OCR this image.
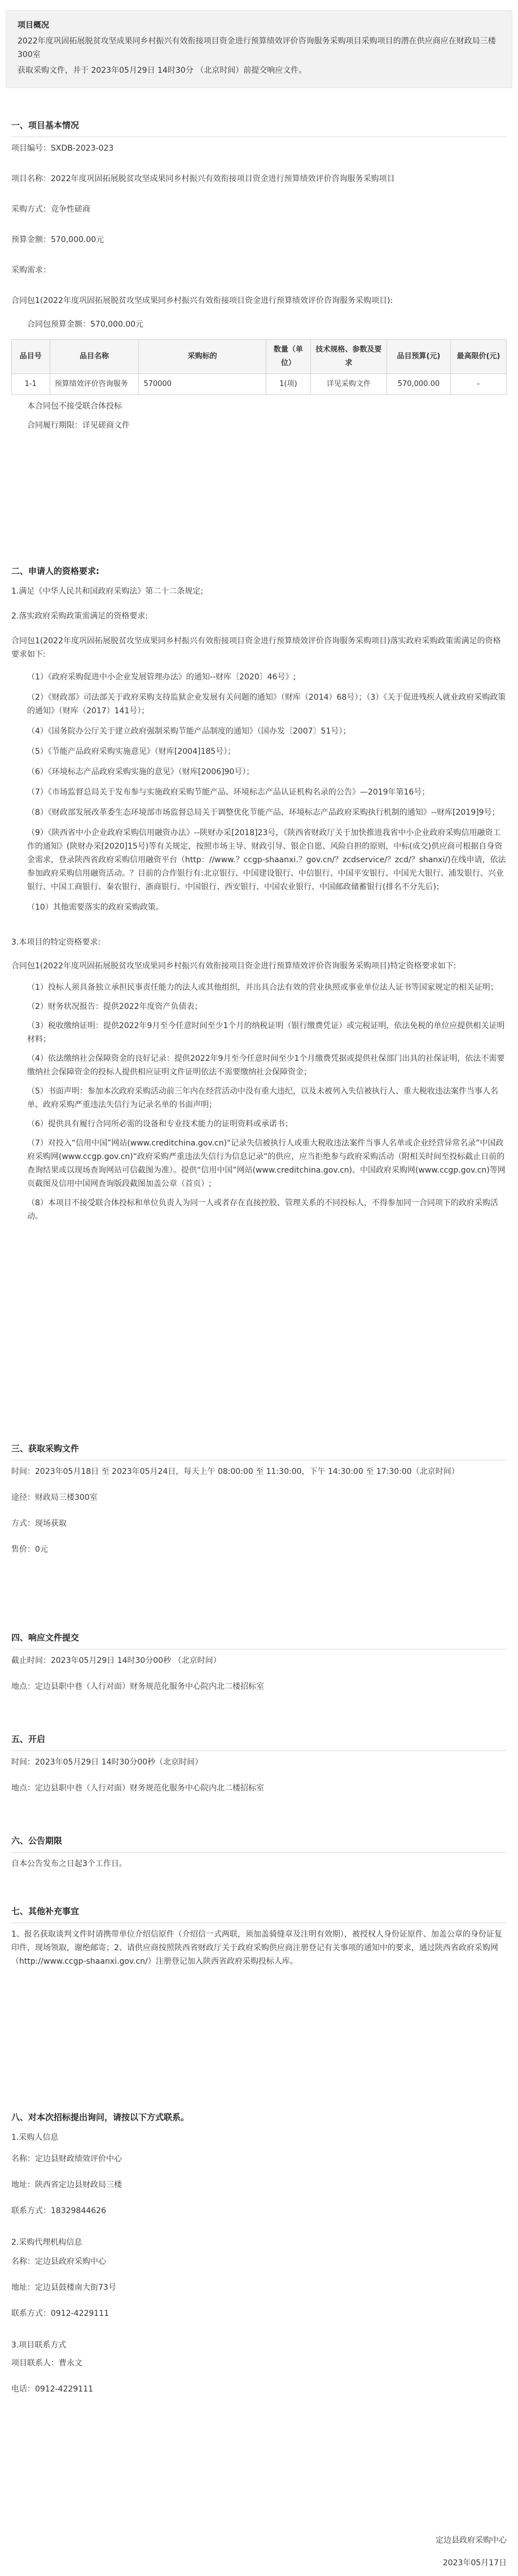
项目概况

2022年度巩固拓展脱贫攻坚成果同乡村振兴有效衔接项目资金进行预算绩效评价咨询服务采购项目采购项目的潜在供应商应在财政局三楼300室

获取采购文件，并于 2023年05月29日 14时30分 （北京时间）前提交响应文件。

一、项目基本情况
项目编号：SXDB-2023-023
项目名称：2022年度巩固拓展脱贫攻坚成果同乡村振兴有效衔接项目资金进行预算绩效评价咨询服务采购项目
采购方式：竞争性磋商
预算金额：570,000.00元
采购需求：
合同包1(2022年度巩固拓展脱贫攻坚成果同乡村振兴有效衔接项目资金进行预算绩效评价咨询服务采购项目):
合同包预算金额：570,000.00元
品目号	品目名称	采购标的	数量（单位）	技术规格、参数及要求	品目预算(元)	最高限价(元)
1-1	预算绩效评价咨询服务	570000	1(项)	详见采购文件	570,000.00	-
本合同包不接受联合体投标
合同履行期限：详见磋商文件
二、申请人的资格要求:
1.满足《中华人民共和国政府采购法》第二十二条规定;
2.落实政府采购政策需满足的资格要求:
合同包1(2022年度巩固拓展脱贫攻坚成果同乡村振兴有效衔接项目资金进行预算绩效评价咨询服务采购项目)落实政府采购政策需满足的资格要求如下:
（1）《政府采购促进中小企业发展管理办法》的通知--财库〔2020〕46号》;
（2）《财政部》司法部关于政府采购支持监狱企业发展有关问题的通知》（财库（2014）68号）；（3）《关于促进残疾人就业政府采购政策的通知》（财库（2017）141号）；
（4）《国务院办公厅关于建立政府强制采购节能产品制度的通知》（国办发〔2007〕51号）；
（5）《节能产品政府采购实施意见》（财库[2004]185号）；
（6）《环境标志产品政府采购实施的意见》（财库[2006]90号）；
（7）《市场监督总局关于发布参与实施政府采购节能产品、环境标志产品认证机构名录的公告》—2019年第16号；
（8）《财政部发展改革委生态环境部市场监督总局关于调整优化节能产品、环境标志产品政府采购执行机制的通知》--财库[2019]9号；
（9）《陕西省中小企业政府采购信用融资办法》--陕财办采[2018]23号，《陕西省财政厅关于加快推进我省中小企业政府采购信用融资工作的通知》(陕财办采[2020]15号)等有关规定，按照市场主导、财政引导、银企自愿、风险自担的原则，中标(成交)供应商可根据自身资金需求，登录陕西省政府采购信用融资平台（http：//www.？ccgp-shaanxi.？gov.cn/？zcdservice/？zcd/？shanxi/)在线申请，依法参加政府采购信用融资活动。？目前的合作银行有:北京银行、中国建设银行、中信银行、中国平安银行、中国光大银行、浦发银行、兴业银行、中国工商银行、秦农银行、浙商银行、中国银行、西安银行、中国农业银行、中国邮政储蓄银行(排名不分先后)；
（10）其他需要落实的政府采购政策。
3.本项目的特定资格要求:
合同包1(2022年度巩固拓展脱贫攻坚成果同乡村振兴有效衔接项目资金进行预算绩效评价咨询服务采购项目)特定资格要求如下:
（1）投标人须具备独立承担民事责任能力的法人或其他组织，并出具合法有效的营业执照或事业单位法人证书等国家规定的相关证明；
（2）财务状况报告：提供2022年度资产负债表；
（3）税收缴纳证明：提供2022年9月至今任意时间至少1个月的纳税证明（银行缴费凭证）或完税证明，依法免税的单位应提供相关证明材料；
（4）依法缴纳社会保障资金的良好记录：提供2022年9月至今任意时间至少1个月缴费凭据或提供社保部门出具的社保证明，依法不需要缴纳社会保障资金的投标人提供相应证明文件证明依法不需要缴纳社会保障资金；
（5）书面声明：参加本次政府采购活动前三年内在经营活动中没有重大违纪，以及未被列入失信被执行人、重大税收违法案件当事人名单、政府采购严重违法失信行为记录名单的书面声明；
（6）提供具有履行合同所必需的设备和专业技术能力的证明资料或承诺书；
（7）对投入“信用中国”网站(www.creditchina.gov.cn)“记录失信被执行人或重大税收违法案件当事人名单或企业经营异常名录”中国政府采购网(www.ccgp.gov.cn)“政府采购严重违法失信行为信息记录”的供应，应当拒绝参与政府采购活动（附相关时间至投标截止日前的查询结果或以现场查询网站可信截图为准）。提供“信用中国”网站(www.creditchina.gov.cn)、中国政府采购网(www.ccgp.gov.cn)等网页截图及信用中国网查询版段截图加盖公章（首页）;
（8）本项目不接受联合体投标和单位负责人为同一人或者存在直接控股、管理关系的不同投标人，不得参加同一合同项下的政府采购活动。
三、获取采购文件
时间：2023年05月18日 至 2023年05月24日，每天上午 08:00:00 至 11:30:00，下午 14:30:00 至 17:30:00（北京时间）
途径：财政局三楼300室
方式：现场获取
售价：0元
四、响应文件提交
截止时间：2023年05月29日 14时30分00秒 （北京时间）
地点：定边县职中巷（人行对面）财务规范化服务中心院内北二楼招标室
五、开启
时间：2023年05月29日 14时30分00秒（北京时间）
地点：定边县职中巷（人行对面）财务规范化服务中心院内北二楼招标室
六、公告期限
自本公告发布之日起3个工作日。
七、其他补充事宜
1、报名获取谈判文件时请携带单位介绍信原件（介绍信一式两联，须加盖骑缝章及注明有效期），被授权人身份证原件、加盖公章的身份证复印件，现场领取，谢绝邮寄；2、请供应商按照陕西省财政厅关于政府采购供应商注册登记有关事项的通知中的要求，通过陕西省政府采购网（http://www.ccgp-shaanxi.gov.cn/）注册登记加入陕西省政府采购投标人库。
八、对本次招标提出询问，请按以下方式联系。
1.采购人信息
名称：定边县财政绩效评价中心
地址：陕西省定边县财政局三楼
联系方式：18329844626
2.采购代理机构信息
名称：定边县政府采购中心
地址：定边县鼓楼南大街73号
联系方式：0912-4229111
3.项目联系方式
项目联系人：曹永文
电话：0912-4229111
定边县政府采购中心
2023年05月17日
